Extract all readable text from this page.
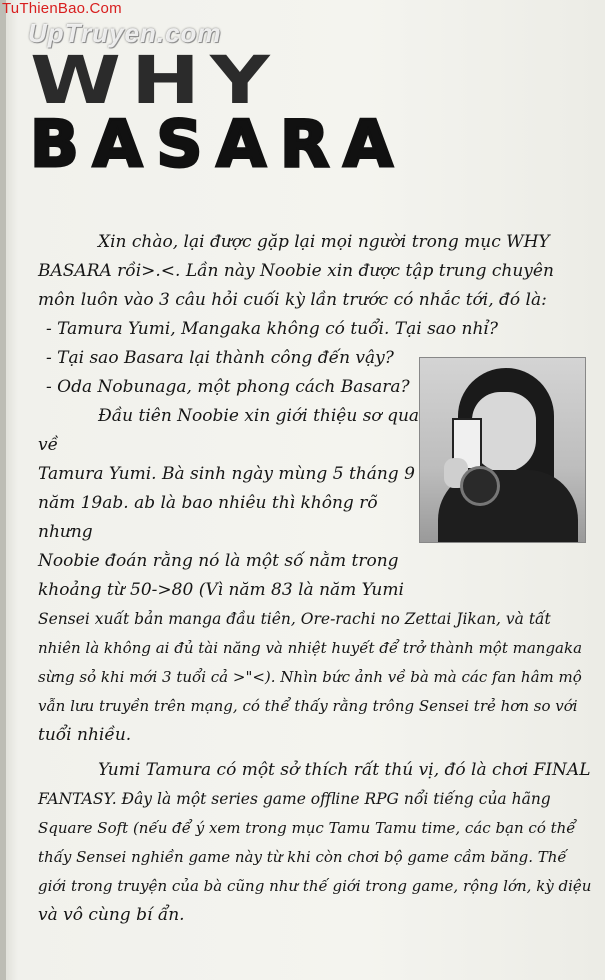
TuThienBao.Com
UpTruyen.com
WHY
BASARA

Xin chào, lại được gặp lại mọi người trong mục WHY

BASARA rồi>.<. Lần này Noobie xin được tập trung chuyên

môn luôn vào 3 câu hỏi cuối kỳ lần trước có nhắc tới, đó là:

- Tamura Yumi, Mangaka không có tuổi. Tại sao nhỉ?

- Tại sao Basara lại thành công đến vậy?

- Oda Nobunaga, một phong cách Basara?

Đầu tiên Noobie xin giới thiệu sơ qua về

Tamura Yumi. Bà sinh ngày mùng 5 tháng 9

năm 19ab. ab là bao nhiêu thì không rõ nhưng

Noobie đoán rằng nó là một số nằm trong

khoảng từ 50->80 (Vì năm 83 là năm Yumi

Sensei xuất bản manga đầu tiên, Ore-rachi no Zettai Jikan, và tất

nhiên là không ai đủ tài năng và nhiệt huyết để trở thành một mangaka

sừng sỏ khi mới 3 tuổi cả >"<). Nhìn bức ảnh về bà mà các fan hâm mộ

vẫn lưu truyền trên mạng, có thể thấy rằng trông Sensei trẻ hơn so với

tuổi nhiều.

Yumi Tamura có một sở thích rất thú vị, đó là chơi FINAL

FANTASY. Đây là một series game offline RPG nổi tiếng của hãng

Square Soft (nếu để ý xem trong mục Tamu Tamu time, các bạn có thể

thấy Sensei nghiền game này từ khi còn chơi bộ game cầm băng. Thế

giới trong truyện của bà cũng như thế giới trong game, rộng lớn, kỳ diệu

và vô cùng bí ẩn.
